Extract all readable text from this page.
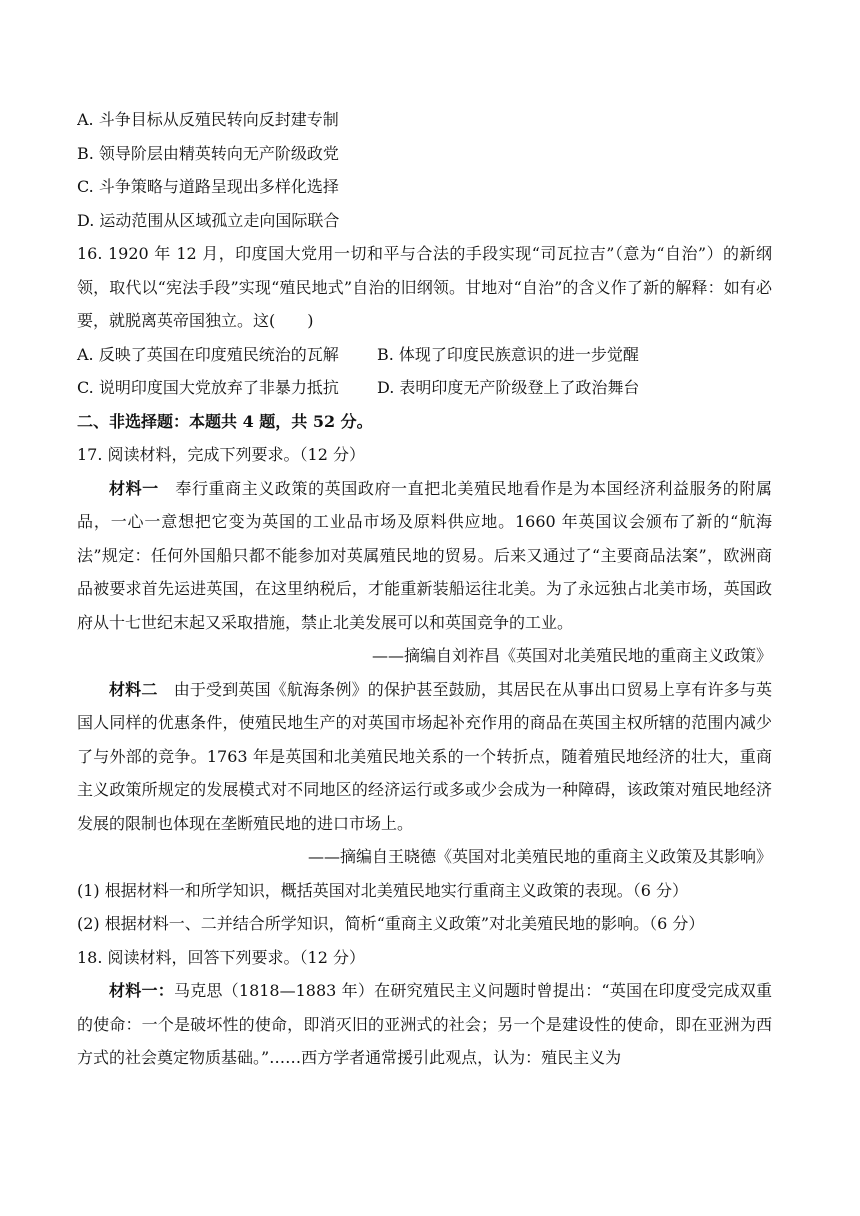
A. 斗争目标从反殖民转向反封建专制
B. 领导阶层由精英转向无产阶级政党
C. 斗争策略与道路呈现出多样化选择
D. 运动范围从区域孤立走向国际联合
16. 1920 年 12 月，印度国大党用一切和平与合法的手段实现“司瓦拉吉”（意为“自治”）的新纲领，取代以“宪法手段”实现“殖民地式”自治的旧纲领。甘地对“自治”的含义作了新的解释：如有必要，就脱离英帝国独立。这(　　)
A. 反映了英国在印度殖民统治的瓦解	B. 体现了印度民族意识的进一步觉醒
C. 说明印度国大党放弃了非暴力抵抗	D. 表明印度无产阶级登上了政治舞台
二、非选择题：本题共 4 题，共 52 分。
17. 阅读材料，完成下列要求。（12 分）
材料一　奉行重商主义政策的英国政府一直把北美殖民地看作是为本国经济利益服务的附属品，一心一意想把它变为英国的工业品市场及原料供应地。1660 年英国议会颁布了新的“航海法”规定：任何外国船只都不能参加对英属殖民地的贸易。后来又通过了“主要商品法案”，欧洲商品被要求首先运进英国，在这里纳税后，才能重新装船运往北美。为了永远独占北美市场，英国政府从十七世纪末起又采取措施，禁止北美发展可以和英国竞争的工业。
——摘编自刘祚昌《英国对北美殖民地的重商主义政策》
材料二　由于受到英国《航海条例》的保护甚至鼓励，其居民在从事出口贸易上享有许多与英国人同样的优惠条件，使殖民地生产的对英国市场起补充作用的商品在英国主权所辖的范围内减少了与外部的竞争。1763 年是英国和北美殖民地关系的一个转折点，随着殖民地经济的壮大，重商主义政策所规定的发展模式对不同地区的经济运行或多或少会成为一种障碍，该政策对殖民地经济发展的限制也体现在垄断殖民地的进口市场上。
——摘编自王晓德《英国对北美殖民地的重商主义政策及其影响》
(1) 根据材料一和所学知识，概括英国对北美殖民地实行重商主义政策的表现。（6 分）
(2) 根据材料一、二并结合所学知识，简析“重商主义政策”对北美殖民地的影响。（6 分）
18. 阅读材料，回答下列要求。（12 分）
材料一：马克思（1818—1883 年）在研究殖民主义问题时曾提出：“英国在印度受完成双重的使命：一个是破坏性的使命，即消灭旧的亚洲式的社会；另一个是建设性的使命，即在亚洲为西方式的社会奠定物质基础。”……西方学者通常援引此观点，认为：殖民主义为
